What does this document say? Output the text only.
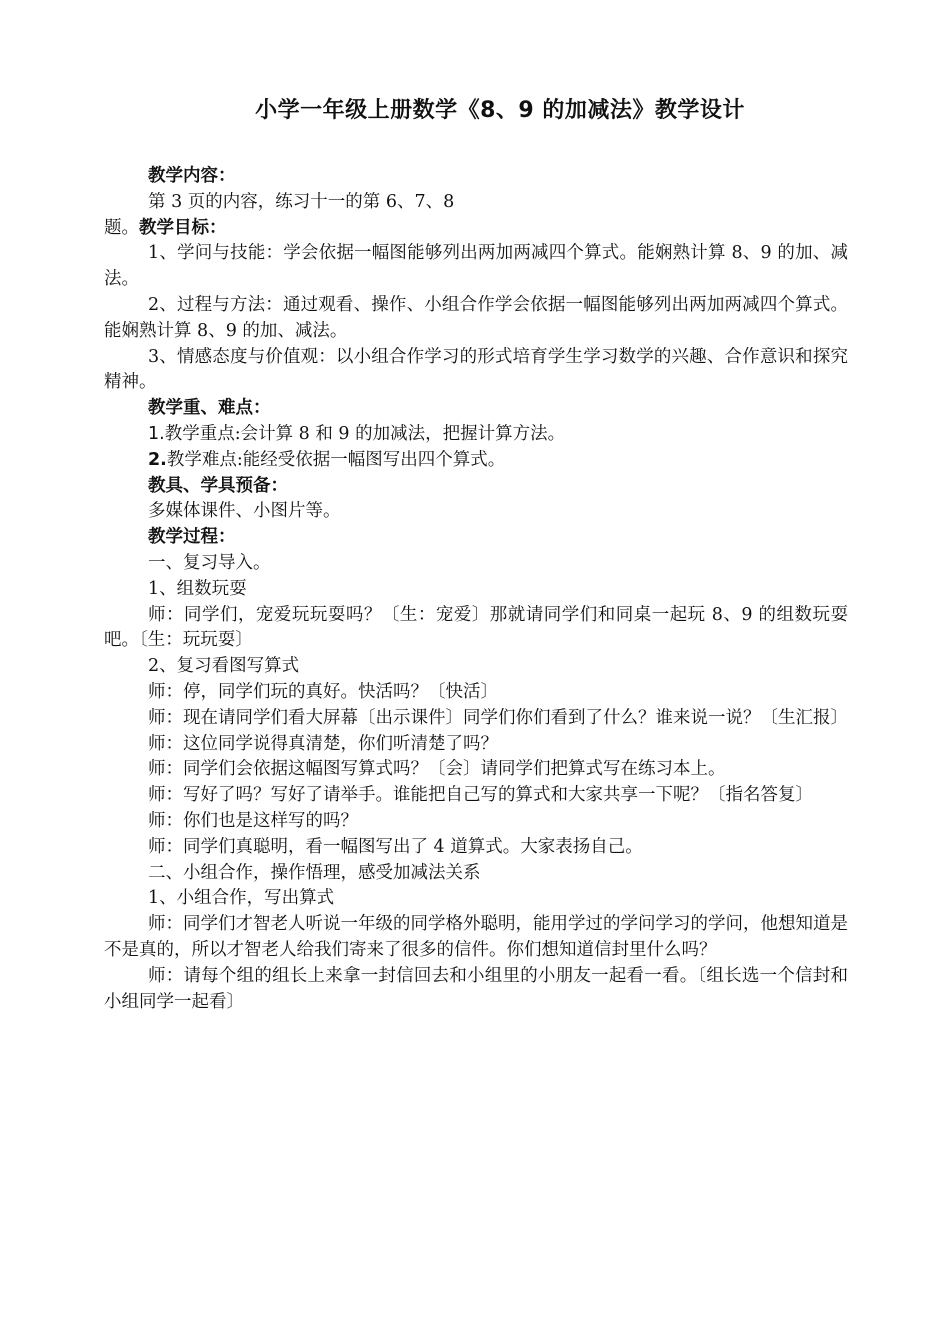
小学一年级上册数学《8、9 的加减法》教学设计

教学内容：

第 3 页的内容，练习十一的第 6、7、8

题。教学目标：

1、学问与技能：学会依据一幅图能够列出两加两减四个算式。能娴熟计算 8、9 的加、减法。

2、过程与方法：通过观看、操作、小组合作学会依据一幅图能够列出两加两减四个算式。能娴熟计算 8、9 的加、减法。

3、情感态度与价值观：以小组合作学习的形式培育学生学习数学的兴趣、合作意识和探究精神。

教学重、难点：

1.教学重点:会计算 8 和 9 的加减法，把握计算方法。

2.教学难点:能经受依据一幅图写出四个算式。

教具、学具预备：

多媒体课件、小图片等。

教学过程：

一、复习导入。

1、组数玩耍

师：同学们，宠爱玩玩耍吗？〔生：宠爱〕那就请同学们和同桌一起玩 8、9 的组数玩耍吧。〔生：玩玩耍〕

2、复习看图写算式

师：停，同学们玩的真好。快活吗？〔快活〕

师：现在请同学们看大屏幕〔出示课件〕同学们你们看到了什么？谁来说一说？〔生汇报〕

师：这位同学说得真清楚，你们听清楚了吗？

师：同学们会依据这幅图写算式吗？〔会〕请同学们把算式写在练习本上。

师：写好了吗？写好了请举手。谁能把自己写的算式和大家共享一下呢？〔指名答复〕

师：你们也是这样写的吗？

师：同学们真聪明，看一幅图写出了 4 道算式。大家表扬自己。

二、小组合作，操作悟理，感受加减法关系

1、小组合作，写出算式

师：同学们才智老人听说一年级的同学格外聪明，能用学过的学问学习的学问，他想知道是不是真的，所以才智老人给我们寄来了很多的信件。你们想知道信封里什么吗？

师：请每个组的组长上来拿一封信回去和小组里的小朋友一起看一看。〔组长选一个信封和小组同学一起看〕
